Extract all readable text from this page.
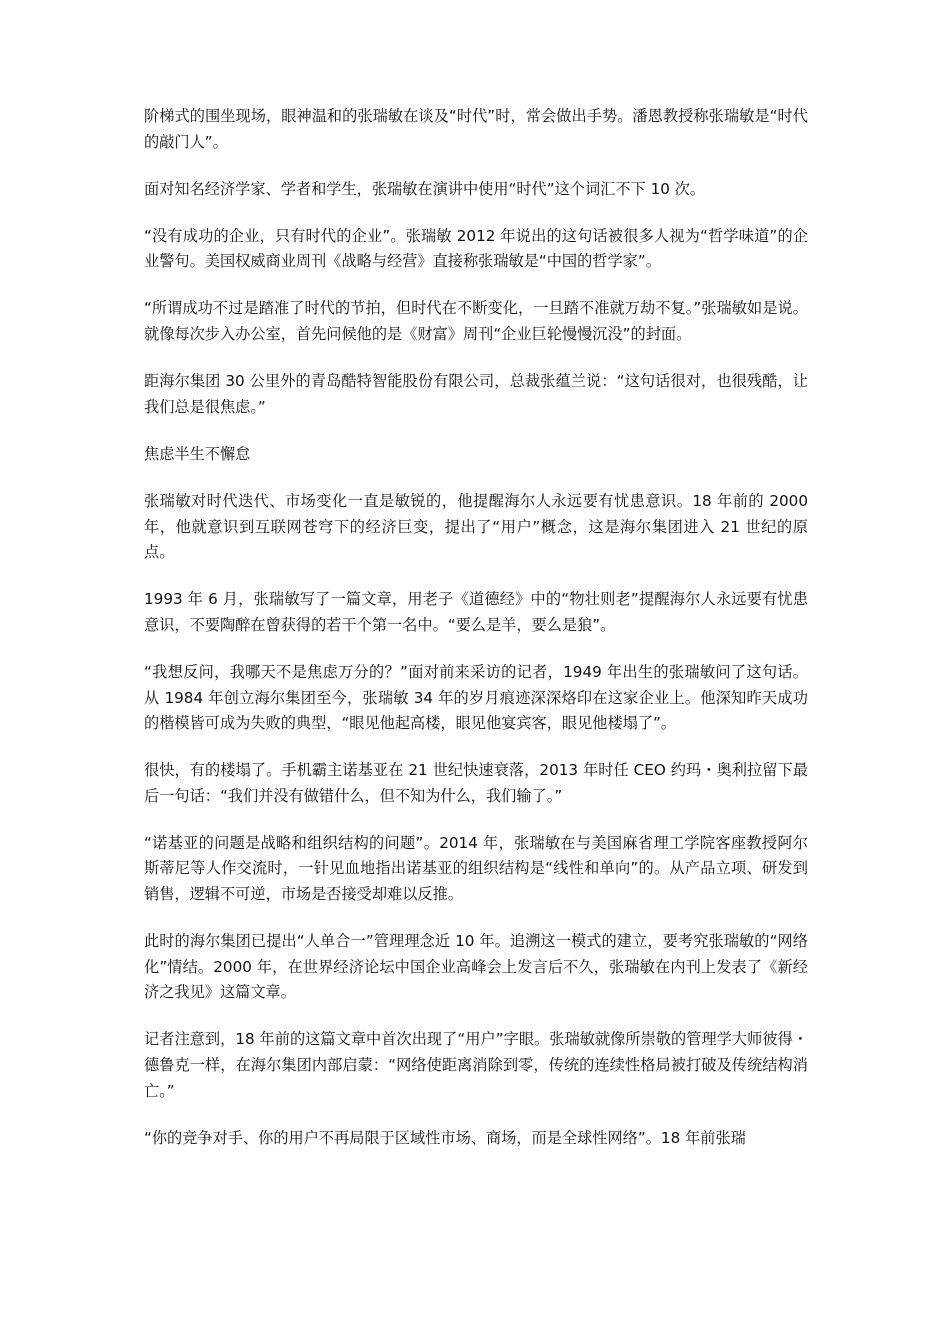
阶梯式的围坐现场，眼神温和的张瑞敏在谈及“时代”时，常会做出手势。潘恩教授称张瑞敏是“时代的敲门人”。

面对知名经济学家、学者和学生，张瑞敏在演讲中使用“时代”这个词汇不下 10 次。

“没有成功的企业，只有时代的企业”。张瑞敏 2012 年说出的这句话被很多人视为“哲学味道”的企业警句。美国权威商业周刊《战略与经营》直接称张瑞敏是“中国的哲学家”。

“所谓成功不过是踏准了时代的节拍，但时代在不断变化，一旦踏不准就万劫不复。”张瑞敏如是说。就像每次步入办公室，首先问候他的是《财富》周刊“企业巨轮慢慢沉没”的封面。

距海尔集团 30 公里外的青岛酷特智能股份有限公司，总裁张蕴兰说：“这句话很对，也很残酷，让我们总是很焦虑。”

焦虑半生不懈怠

张瑞敏对时代迭代、市场变化一直是敏锐的，他提醒海尔人永远要有忧患意识。18 年前的 2000 年，他就意识到互联网苍穹下的经济巨变，提出了“用户”概念，这是海尔集团进入 21 世纪的原点。

1993 年 6 月，张瑞敏写了一篇文章，用老子《道德经》中的“物壮则老”提醒海尔人永远要有忧患意识，不要陶醉在曾获得的若干个第一名中。“要么是羊，要么是狼”。

“我想反问，我哪天不是焦虑万分的？”面对前来采访的记者，1949 年出生的张瑞敏问了这句话。从 1984 年创立海尔集团至今，张瑞敏 34 年的岁月痕迹深深烙印在这家企业上。他深知昨天成功的楷模皆可成为失败的典型，“眼见他起高楼，眼见他宴宾客，眼见他楼塌了”。

很快，有的楼塌了。手机霸主诺基亚在 21 世纪快速衰落，2013 年时任 CEO 约玛・奥利拉留下最后一句话：“我们并没有做错什么，但不知为什么，我们输了。”

“诺基亚的问题是战略和组织结构的问题”。2014 年，张瑞敏在与美国麻省理工学院客座教授阿尔斯蒂尼等人作交流时，一针见血地指出诺基亚的组织结构是“线性和单向”的。从产品立项、研发到销售，逻辑不可逆，市场是否接受却难以反推。

此时的海尔集团已提出“人单合一”管理理念近 10 年。追溯这一模式的建立，要考究张瑞敏的“网络化”情结。2000 年，在世界经济论坛中国企业高峰会上发言后不久，张瑞敏在内刊上发表了《新经济之我见》这篇文章。

记者注意到，18 年前的这篇文章中首次出现了“用户”字眼。张瑞敏就像所崇敬的管理学大师彼得・德鲁克一样，在海尔集团内部启蒙：“网络使距离消除到零，传统的连续性格局被打破及传统结构消亡。”

“你的竞争对手、你的用户不再局限于区域性市场、商场，而是全球性网络”。18 年前张瑞
